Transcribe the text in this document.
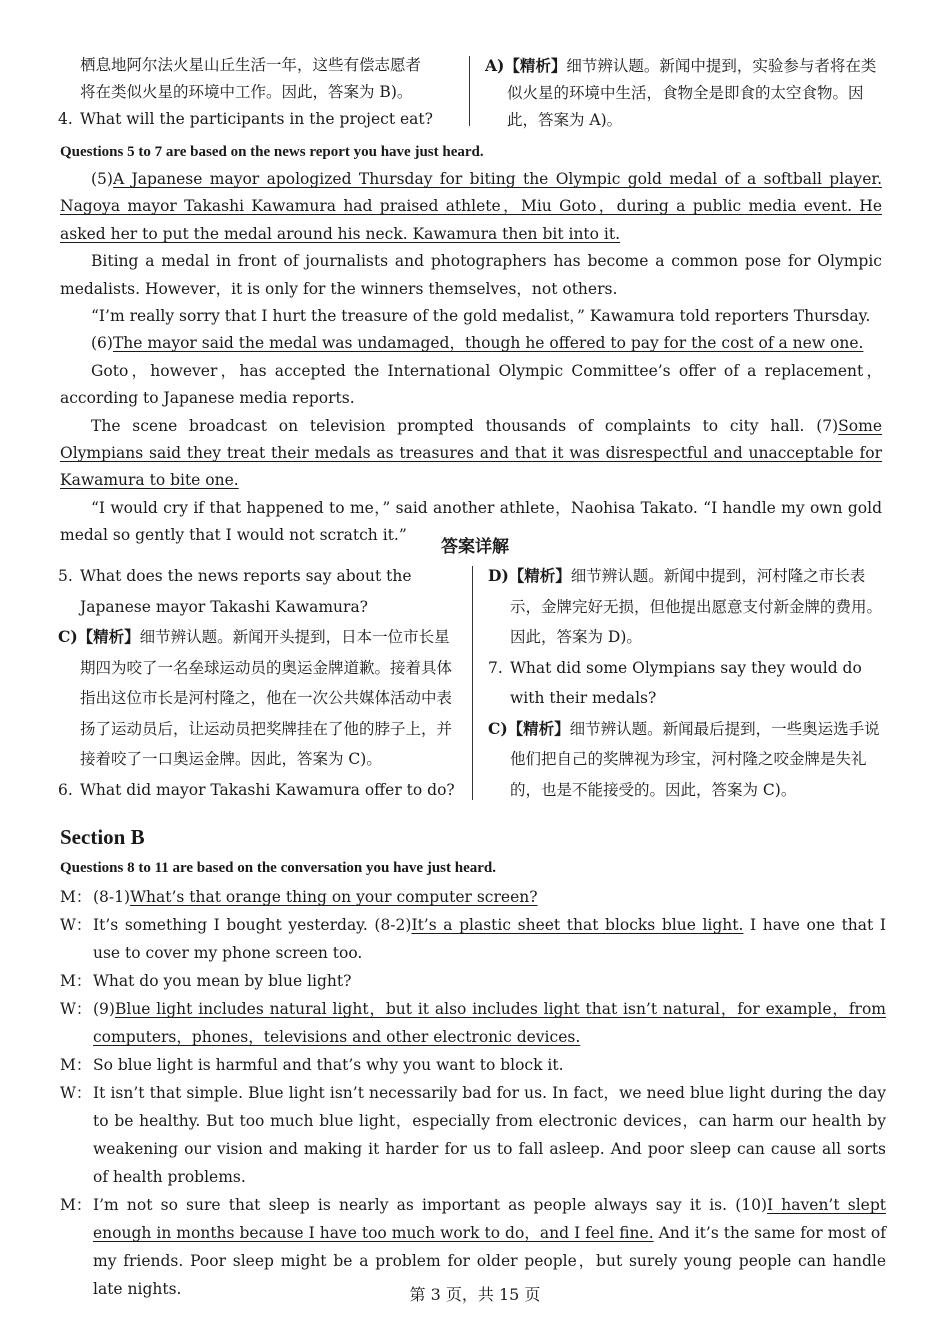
栖息地阿尔法火星山丘生活一年，这些有偿志愿者
将在类似火星的环境中工作。因此，答案为 B)。
4. What will the participants in the project eat?
A)【精析】细节辨认题。新闻中提到，实验参与者将在类似火星的环境中生活，食物全是即食的太空食物。因此，答案为 A)。
Questions 5 to 7 are based on the news report you have just heard.

(5)A Japanese mayor apologized Thursday for biting the Olympic gold medal of a softball player. Nagoya mayor Takashi Kawamura had praised athlete，Miu Goto，during a public media event. He asked her to put the medal around his neck. Kawamura then bit into it.

Biting a medal in front of journalists and photographers has become a common pose for Olympic medalists. However，it is only for the winners themselves，not others.

“I’m really sorry that I hurt the treasure of the gold medalist，” Kawamura told reporters Thursday.

(6)The mayor said the medal was undamaged，though he offered to pay for the cost of a new one.

Goto，however，has accepted the International Olympic Committee’s offer of a replacement，according to Japanese media reports.

The scene broadcast on television prompted thousands of complaints to city hall. (7)Some Olympians said they treat their medals as treasures and that it was disrespectful and unacceptable for Kawamura to bite one.

“I would cry if that happened to me，” said another athlete，Naohisa Takato. “I handle my own gold medal so gently that I would not scratch it.”

答案详解
5. What does the news reports say about the Japanese mayor Takashi Kawamura?
C)【精析】细节辨认题。新闻开头提到，日本一位市长星期四为咬了一名垒球运动员的奥运金牌道歉。接着具体指出这位市长是河村隆之，他在一次公共媒体活动中表扬了运动员后，让运动员把奖牌挂在了他的脖子上，并接着咬了一口奥运金牌。因此，答案为 C)。
6. What did mayor Takashi Kawamura offer to do?
D)【精析】细节辨认题。新闻中提到，河村隆之市长表示，金牌完好无损，但他提出愿意支付新金牌的费用。因此，答案为 D)。
7. What did some Olympians say they would do with their medals?
C)【精析】细节辨认题。新闻最后提到，一些奥运选手说他们把自己的奖牌视为珍宝，河村隆之咬金牌是失礼的，也是不能接受的。因此，答案为 C)。
Section B
Questions 8 to 11 are based on the conversation you have just heard.

M： (8-1)What’s that orange thing on your computer screen?

W： It’s something I bought yesterday. (8-2)It’s a plastic sheet that blocks blue light. I have one that I use to cover my phone screen too.

M： What do you mean by blue light?

W： (9)Blue light includes natural light，but it also includes light that isn’t natural，for example，from computers，phones，televisions and other electronic devices.

M： So blue light is harmful and that’s why you want to block it.

W： It isn’t that simple. Blue light isn’t necessarily bad for us. In fact，we need blue light during the day to be healthy. But too much blue light，especially from electronic devices，can harm our health by weakening our vision and making it harder for us to fall asleep. And poor sleep can cause all sorts of health problems.

M： I’m not so sure that sleep is nearly as important as people always say it is. (10)I haven’t slept enough in months because I have too much work to do，and I feel fine. And it’s the same for most of my friends. Poor sleep might be a problem for older people，but surely young people can handle late nights.	第 3 页，共 15 页
